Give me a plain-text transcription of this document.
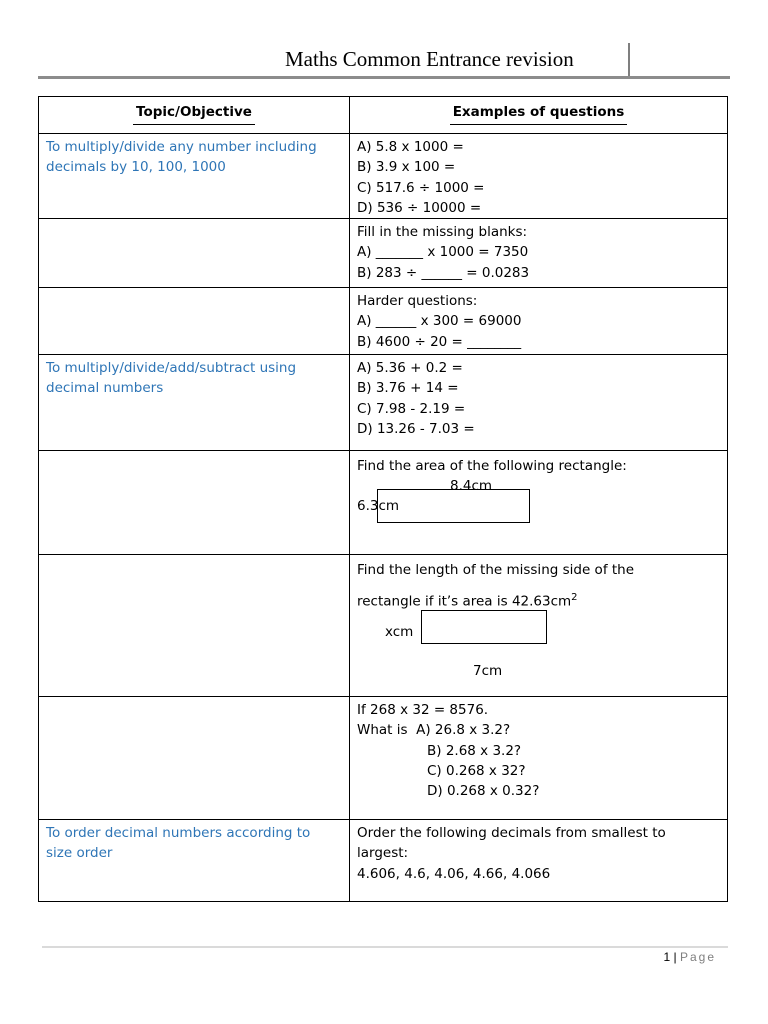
Maths Common Entrance revision
Topic/Objective	Examples of questions

To multiply/divide any number including
decimals by 10, 100, 1000	A) 5.8 x 1000 =
B) 3.9 x 100 =
C) 517.6 ÷ 1000 =
D) 536 ÷ 10000 =

	Fill in the missing blanks:
A) _______ x 1000 = 7350
B) 283 ÷ ______ = 0.0283

	Harder questions:
A) ______ x 300 = 69000
B) 4600 ÷ 20 = ________

To multiply/divide/add/subtract using
decimal numbers	A) 5.36 + 0.2 =
B) 3.76 + 14 =
C) 7.98 - 2.19 =
D) 13.26 - 7.03 =

	Find the area of the following rectangle:
8.4cm
6.3cm

	Find the length of the missing side of the
rectangle if it’s area is $42.63cm^2$
xcm
7cm

	If 268 x 32 = 8576.
What is  A) 26.8 x 3.2?
B) 2.68 x 3.2?
C) 0.268 x 32?
D) 0.268 x 0.32?

To order decimal numbers according to
size order	Order the following decimals from smallest to
largest:
4.606, 4.6, 4.06, 4.66, 4.066
1 | Page
